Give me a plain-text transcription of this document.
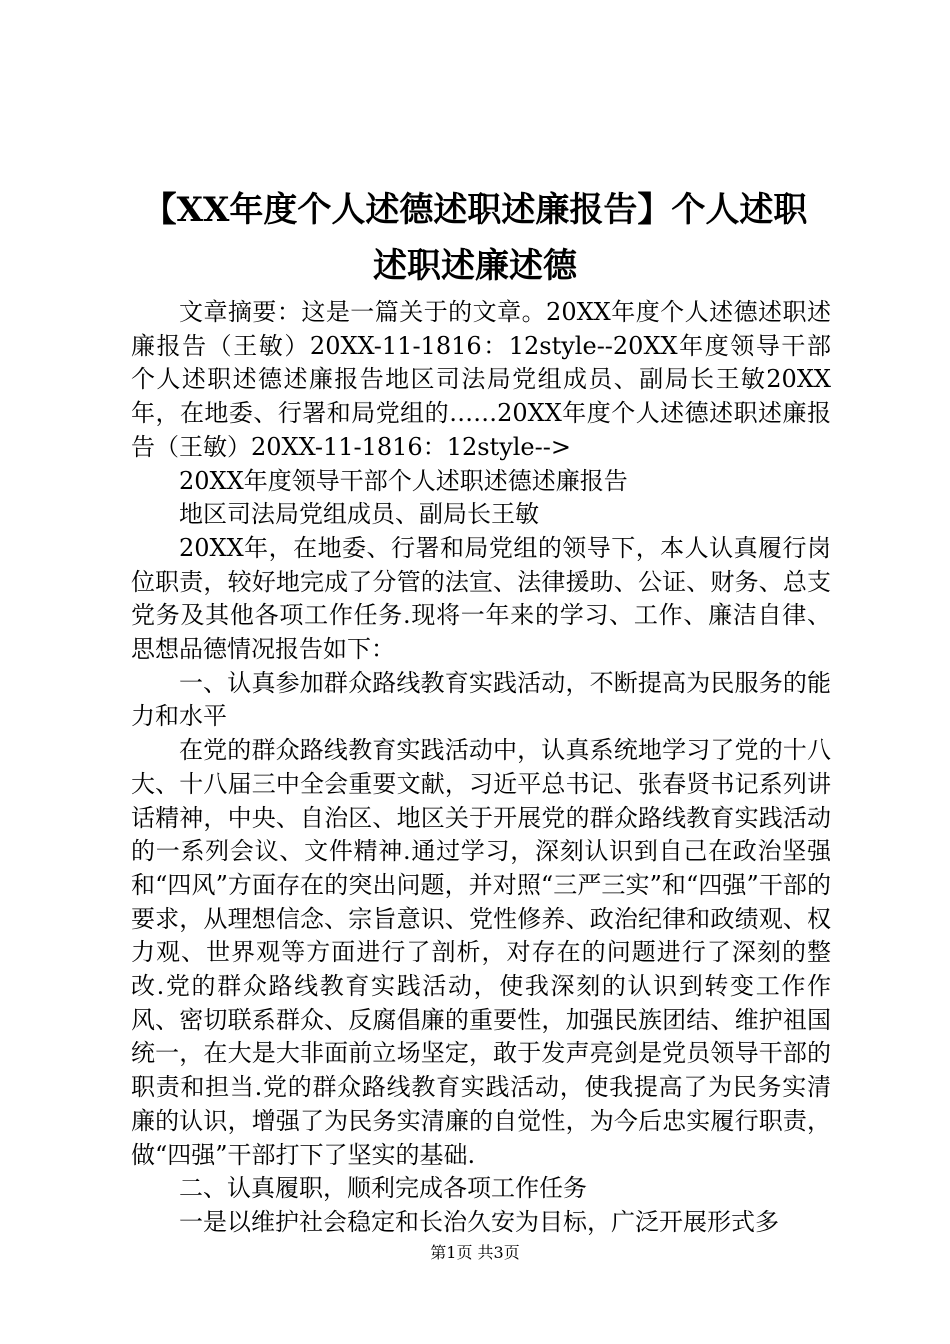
【XX年度个人述德述职述廉报告】个人述职述职述廉述德

文章摘要：这是一篇关于的文章。20XX年度个人述德述职述廉报告（王敏）20XX-11-1816：12style--20XX年度领导干部个人述职述德述廉报告地区司法局党组成员、副局长王敏20XX年，在地委、行署和局党组的……20XX年度个人述德述职述廉报告（王敏）20XX-11-1816：12style-->

20XX年度领导干部个人述职述德述廉报告

地区司法局党组成员、副局长王敏

20XX年，在地委、行署和局党组的领导下，本人认真履行岗位职责，较好地完成了分管的法宣、法律援助、公证、财务、总支党务及其他各项工作任务.现将一年来的学习、工作、廉洁自律、思想品德情况报告如下：

一、认真参加群众路线教育实践活动，不断提高为民服务的能力和水平

在党的群众路线教育实践活动中，认真系统地学习了党的十八大、十八届三中全会重要文献，习近平总书记、张春贤书记系列讲话精神，中央、自治区、地区关于开展党的群众路线教育实践活动的一系列会议、文件精神.通过学习，深刻认识到自己在政治坚强和“四风”方面存在的突出问题，并对照“三严三实”和“四强”干部的要求，从理想信念、宗旨意识、党性修养、政治纪律和政绩观、权力观、世界观等方面进行了剖析，对存在的问题进行了深刻的整改.党的群众路线教育实践活动，使我深刻的认识到转变工作作风、密切联系群众、反腐倡廉的重要性，加强民族团结、维护祖国统一，在大是大非面前立场坚定，敢于发声亮剑是党员领导干部的职责和担当.党的群众路线教育实践活动，使我提高了为民务实清廉的认识，增强了为民务实清廉的自觉性，为今后忠实履行职责，做“四强”干部打下了坚实的基础.

二、认真履职，顺利完成各项工作任务

一是以维护社会稳定和长治久安为目标，广泛开展形式多

第1页 共3页
